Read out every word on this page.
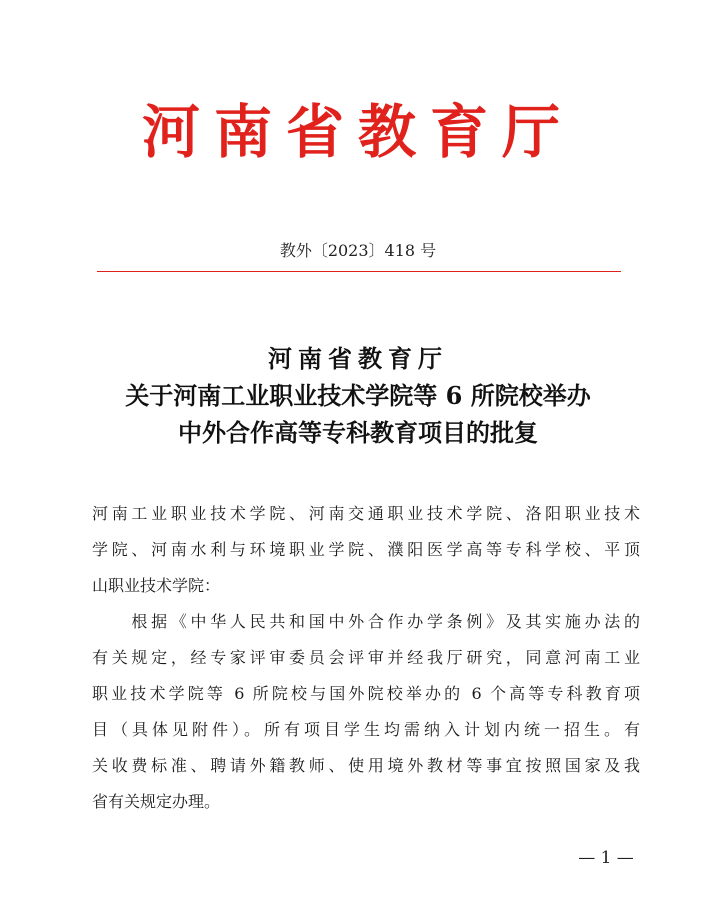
河南省教育厅
教外〔2023〕418 号
河南省教育厅
关于河南工业职业技术学院等 6 所院校举办
中外合作高等专科教育项目的批复
河南工业职业技术学院、河南交通职业技术学院、洛阳职业技术
学院、河南水利与环境职业学院、濮阳医学高等专科学校、平顶
山职业技术学院：
　　根据《中华人民共和国中外合作办学条例》及其实施办法的
有关规定，经专家评审委员会评审并经我厅研究，同意河南工业
职业技术学院等 6 所院校与国外院校举办的 6 个高等专科教育项
目（具体见附件）。所有项目学生均需纳入计划内统一招生。有
关收费标准、聘请外籍教师、使用境外教材等事宜按照国家及我
省有关规定办理。
— 1 —
